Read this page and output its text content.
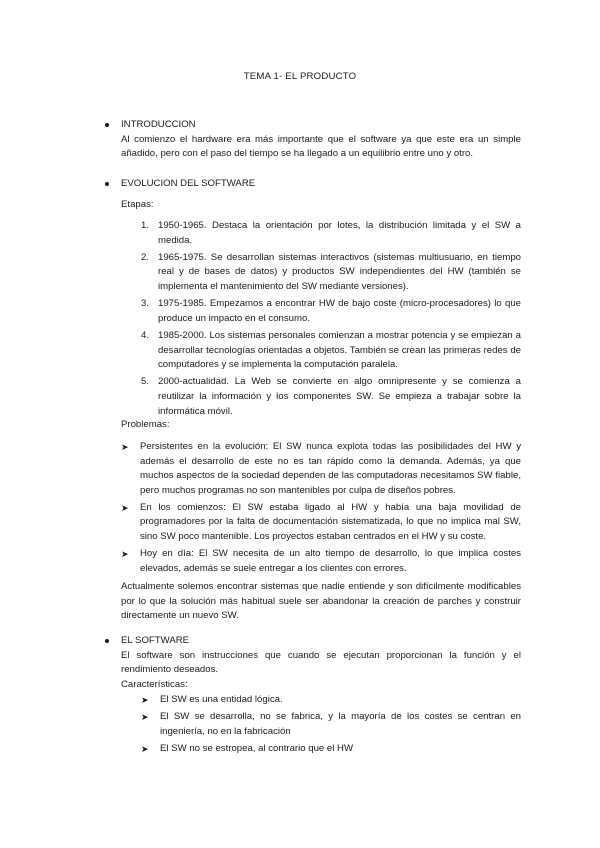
TEMA 1- EL PRODUCTO
INTRODUCCION
Al comienzo el hardware era más importante que el software ya que este era un simple añadido, pero con el paso del tiempo se ha llegado a un equilibrio entre uno y otro.
EVOLUCION DEL SOFTWARE
Etapas:
1. 1950-1965. Destaca la orientación por lotes, la distribución limitada y el SW a medida.
2. 1965-1975. Se desarrollan sistemas interactivos (sistemas multiusuario, en tiempo real y de bases de datos) y productos SW independientes del HW (también se implementa el mantenimiento del SW mediante versiones).
3. 1975-1985. Empezamos a encontrar HW de bajo coste (micro-procesadores) lo que produce un impacto en el consumo.
4. 1985-2000. Los sistemas personales comienzan a mostrar potencia y se empiezan a desarrollar tecnologías orientadas a objetos. También se crean las primeras redes de computadores y se implementa la computación paralela.
5. 2000-actualidad. La Web se convierte en algo omnipresente y se comienza a reutilizar la información y los componentes SW. Se empieza a trabajar sobre la informática móvil.
Problemas:
➤ Persistentes en la evolución: El SW nunca explota todas las posibilidades del HW y además el desarrollo de este no es tan rápido como la demanda. Además, ya que muchos aspectos de la sociedad dependen de las computadoras necesitamos SW fiable, pero muchos programas no son mantenibles por culpa de diseños pobres.
➤ En los comienzos: El SW estaba ligado al HW y había una baja movilidad de programadores por la falta de documentación sistematizada, lo que no implica mal SW, sino SW poco mantenible. Los proyectos estaban centrados en el HW y su coste.
➤ Hoy en día: El SW necesita de un alto tiempo de desarrollo, lo que implica costes elevados, además se suele entregar a los clientes con errores.
Actualmente solemos encontrar sistemas que nadie entiende y son difícilmente modificables por lo que la solución más habitual suele ser abandonar la creación de parches y construir directamente un nuevo SW.
EL SOFTWARE
El software son instrucciones que cuando se ejecutan proporcionan la función y el rendimiento deseados.
Características:
➤ El SW es una entidad lógica.
➤ El SW se desarrolla, no se fabrica, y la mayoría de los costes se centran en ingeniería, no en la fabricación
➤ El SW no se estropea, al contrario que el HW
